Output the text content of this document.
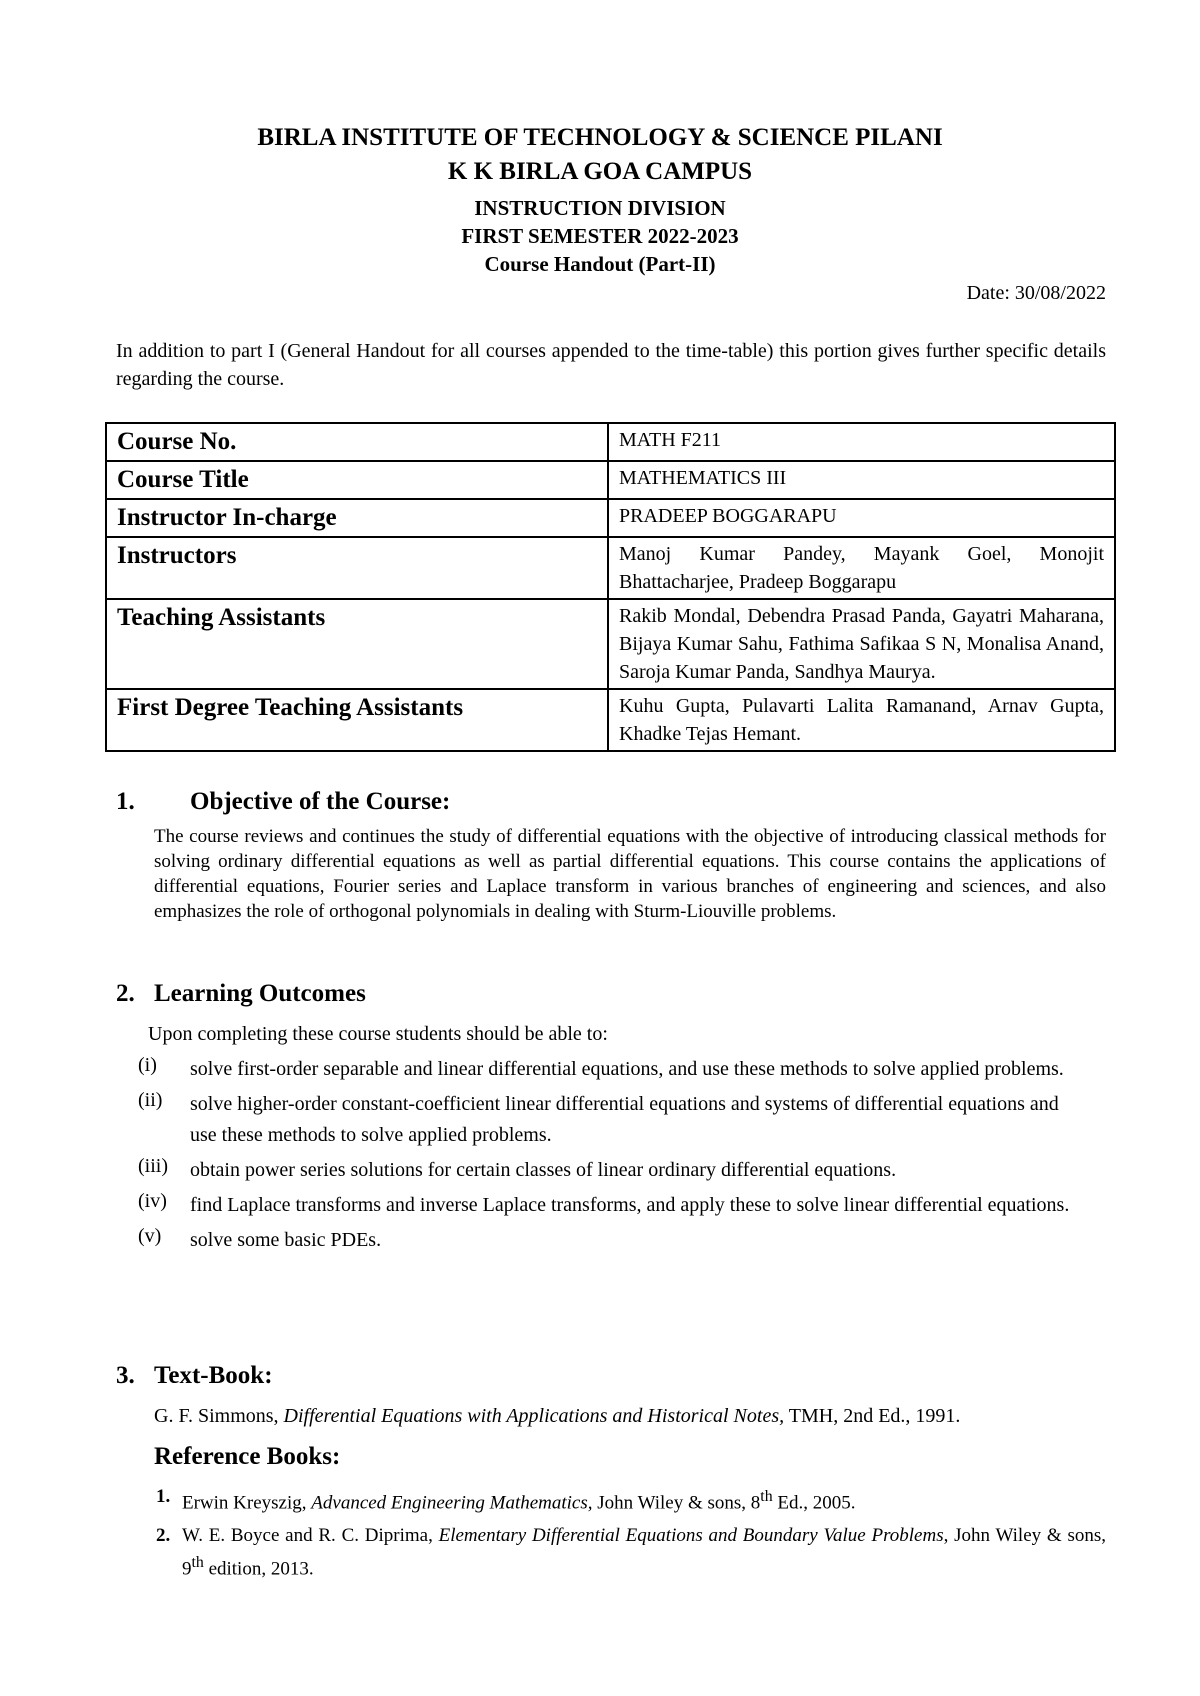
BIRLA INSTITUTE OF TECHNOLOGY & SCIENCE PILANI
K K BIRLA GOA CAMPUS
INSTRUCTION DIVISION
FIRST SEMESTER 2022-2023
Course Handout (Part-II)
Date: 30/08/2022
In addition to part I (General Handout for all courses appended to the time-table) this portion gives further specific details regarding the course.
Course No.	MATH F211
Course Title	MATHEMATICS III
Instructor In-charge	PRADEEP BOGGARAPU
Instructors	Manoj Kumar Pandey, Mayank Goel, Monojit Bhattacharjee, Pradeep Boggarapu
Teaching Assistants	Rakib Mondal, Debendra Prasad Panda, Gayatri Maharana, Bijaya Kumar Sahu, Fathima Safikaa S N, Monalisa Anand, Saroja Kumar Panda, Sandhya Maurya.
First Degree Teaching Assistants	Kuhu Gupta, Pulavarti Lalita Ramanand, Arnav Gupta, Khadke Tejas Hemant.
1. Objective of the Course:
The course reviews and continues the study of differential equations with the objective of introducing classical methods for solving ordinary differential equations as well as partial differential equations. This course contains the applications of differential equations, Fourier series and Laplace transform in various branches of engineering and sciences, and also emphasizes the role of orthogonal polynomials in dealing with Sturm-Liouville problems.
2. Learning Outcomes
Upon completing these course students should be able to:
(i)	solve first-order separable and linear differential equations, and use these methods to solve applied problems.
(ii)	solve higher-order constant-coefficient linear differential equations and systems of differential equations and use these methods to solve applied problems.
(iii)	obtain power series solutions for certain classes of linear ordinary differential equations.
(iv)	find Laplace transforms and inverse Laplace transforms, and apply these to solve linear differential equations.
(v)	solve some basic PDEs.
3. Text-Book:
G. F. Simmons, Differential Equations with Applications and Historical Notes, TMH, 2nd Ed., 1991.
Reference Books:
1. Erwin Kreyszig, Advanced Engineering Mathematics, John Wiley & sons, 8th Ed., 2005.
2. W. E. Boyce and R. C. Diprima, Elementary Differential Equations and Boundary Value Problems, John Wiley & sons, 9th edition, 2013.
